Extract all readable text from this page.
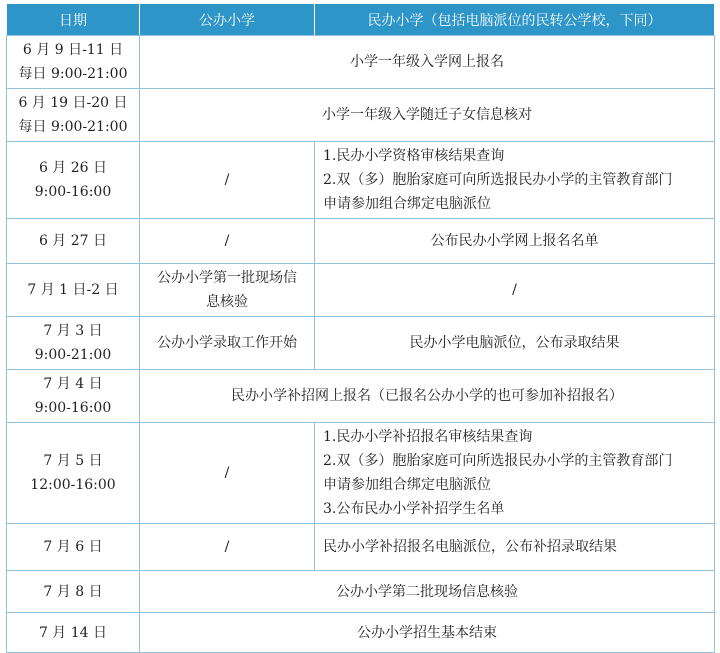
日期	公办小学	民办小学（包括电脑派位的民转公学校，下同）

6 月 9 日-11 日
每日 9:00-21:00	小学一年级入学网上报名	

6 月 19 日-20 日
每日 9:00-21:00	小学一年级入学随迁子女信息核对	

6 月 26 日
9:00-16:00	/	1.民办小学资格审核结果查询
2.双（多）胞胎家庭可向所选报民办小学的主管教育部门
申请参加组合绑定电脑派位

6 月 27 日	/	公布民办小学网上报名名单

7 月 1 日-2 日	公办小学第一批现场信
息核验	/

7 月 3 日
9:00-21:00	公办小学录取工作开始	民办小学电脑派位，公布录取结果

7 月 4 日
9:00-16:00	民办小学补招网上报名（已报名公办小学的也可参加补招报名）	

7 月 5 日
12:00-16:00	/	1.民办小学补招报名审核结果查询
2.双（多）胞胎家庭可向所选报民办小学的主管教育部门
申请参加组合绑定电脑派位
3.公布民办小学补招学生名单

7 月 6 日	/	民办小学补招报名电脑派位，公布补招录取结果

7 月 8 日	公办小学第二批现场信息核验	

7 月 14 日	公办小学招生基本结束	
